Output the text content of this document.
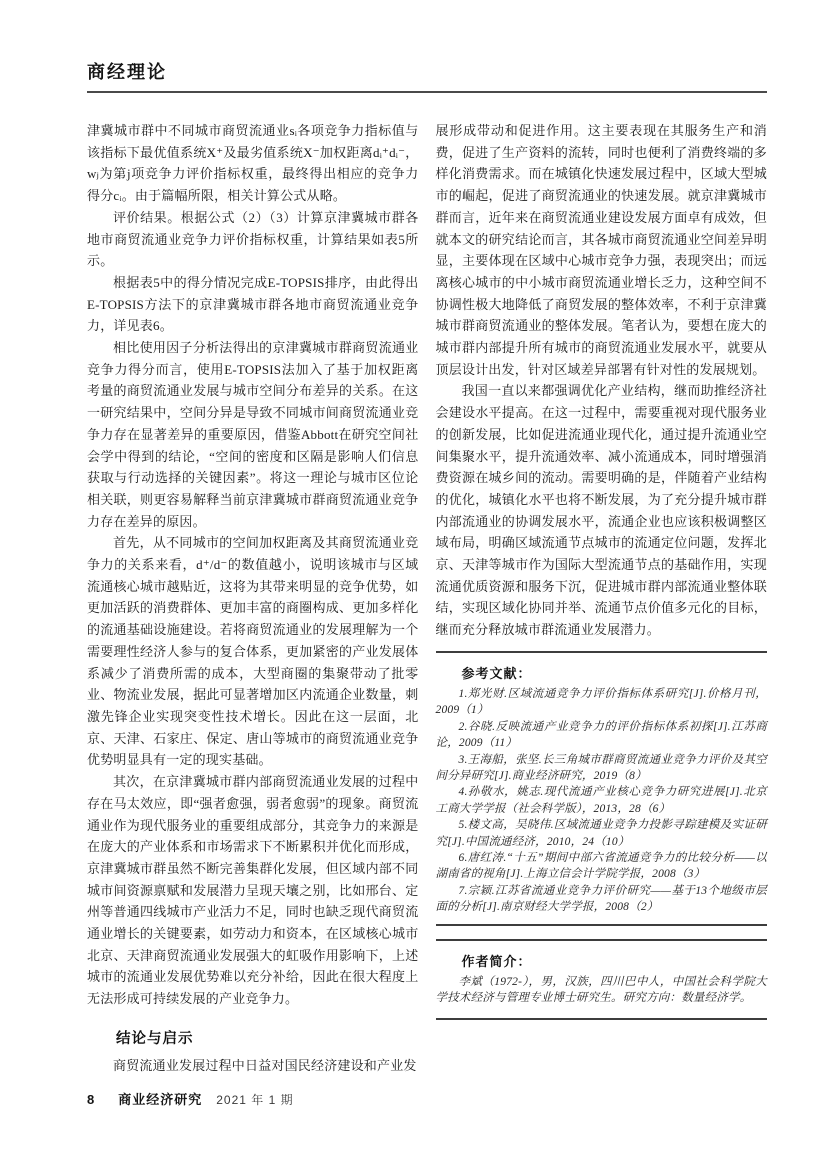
商经理论

津冀城市群中不同城市商贸流通业sᵢ各项竞争力指标值与该指标下最优值系统X⁺及最劣值系统X⁻加权距离dᵢ⁺dᵢ⁻，wⱼ为第j项竞争力评价指标权重，最终得出相应的竞争力得分cᵢ。由于篇幅所限，相关计算公式从略。

评价结果。根据公式（2）（3）计算京津冀城市群各地市商贸流通业竞争力评价指标权重，计算结果如表5所示。

根据表5中的得分情况完成E-TOPSIS排序，由此得出E-TOPSIS方法下的京津冀城市群各地市商贸流通业竞争力，详见表6。

相比使用因子分析法得出的京津冀城市群商贸流通业竞争力得分而言，使用E-TOPSIS法加入了基于加权距离考量的商贸流通业发展与城市空间分布差异的关系。在这一研究结果中，空间分异是导致不同城市间商贸流通业竞争力存在显著差异的重要原因，借鉴Abbott在研究空间社会学中得到的结论，“空间的密度和区隔是影响人们信息获取与行动选择的关键因素”。将这一理论与城市区位论相关联，则更容易解释当前京津冀城市群商贸流通业竞争力存在差异的原因。

首先，从不同城市的空间加权距离及其商贸流通业竞争力的关系来看，d⁺/d⁻的数值越小，说明该城市与区域流通核心城市越贴近，这将为其带来明显的竞争优势，如更加活跃的消费群体、更加丰富的商圈构成、更加多样化的流通基础设施建设。若将商贸流通业的发展理解为一个需要理性经济人参与的复合体系，更加紧密的产业发展体系减少了消费所需的成本，大型商圈的集聚带动了批零业、物流业发展，据此可显著增加区内流通企业数量，刺激先锋企业实现突变性技术增长。因此在这一层面，北京、天津、石家庄、保定、唐山等城市的商贸流通业竞争优势明显具有一定的现实基础。

其次，在京津冀城市群内部商贸流通业发展的过程中存在马太效应，即“强者愈强，弱者愈弱”的现象。商贸流通业作为现代服务业的重要组成部分，其竞争力的来源是在庞大的产业体系和市场需求下不断累积并优化而形成，京津冀城市群虽然不断完善集群化发展，但区域内部不同城市间资源禀赋和发展潜力呈现天壤之别，比如邢台、定州等普通四线城市产业活力不足，同时也缺乏现代商贸流通业增长的关键要素，如劳动力和资本，在区域核心城市北京、天津商贸流通业发展强大的虹吸作用影响下，上述城市的流通业发展优势难以充分补给，因此在很大程度上无法形成可持续发展的产业竞争力。

结论与启示

商贸流通业发展过程中日益对国民经济建设和产业发

展形成带动和促进作用。这主要表现在其服务生产和消费，促进了生产资料的流转，同时也便利了消费终端的多样化消费需求。而在城镇化快速发展过程中，区域大型城市的崛起，促进了商贸流通业的快速发展。就京津冀城市群而言，近年来在商贸流通业建设发展方面卓有成效，但就本文的研究结论而言，其各城市商贸流通业空间差异明显，主要体现在区域中心城市竞争力强，表现突出；而远离核心城市的中小城市商贸流通业增长乏力，这种空间不协调性极大地降低了商贸发展的整体效率，不利于京津冀城市群商贸流通业的整体发展。笔者认为，要想在庞大的城市群内部提升所有城市的商贸流通业发展水平，就要从顶层设计出发，针对区域差异部署有针对性的发展规划。

我国一直以来都强调优化产业结构，继而助推经济社会建设水平提高。在这一过程中，需要重视对现代服务业的创新发展，比如促进流通业现代化，通过提升流通业空间集聚水平，提升流通效率、减小流通成本，同时增强消费资源在城乡间的流动。需要明确的是，伴随着产业结构的优化，城镇化水平也将不断发展，为了充分提升城市群内部流通业的协调发展水平，流通企业也应该积极调整区域布局，明确区域流通节点城市的流通定位问题，发挥北京、天津等城市作为国际大型流通节点的基础作用，实现流通优质资源和服务下沉，促进城市群内部流通业整体联结，实现区域化协同并举、流通节点价值多元化的目标，继而充分释放城市群流通业发展潜力。

参考文献：

1.郑光财.区域流通竞争力评价指标体系研究[J].价格月刊，2009（1）

2.谷晓.反映流通产业竞争力的评价指标体系初探[J].江苏商论，2009（11）

3.王海船，张坚.长三角城市群商贸流通业竞争力评价及其空间分异研究[J].商业经济研究，2019（8）

4.孙敬水，姚志.现代流通产业核心竞争力研究进展[J].北京工商大学学报（社会科学版），2013，28（6）

5.楼文高，吴晓伟.区域流通业竞争力投影寻踪建模及实证研究[J].中国流通经济，2010，24（10）

6.唐红涛.“十五”期间中部六省流通竞争力的比较分析——以湖南省的视角[J].上海立信会计学院学报，2008（3）

7.宗颖.江苏省流通业竞争力评价研究——基于13个地级市层面的分析[J].南京财经大学学报，2008（2）

作者简介：

李斌（1972-），男，汉族，四川巴中人，中国社会科学院大学技术经济与管理专业博士研究生。研究方向：数量经济学。

8 商业经济研究 2021 年 1 期
